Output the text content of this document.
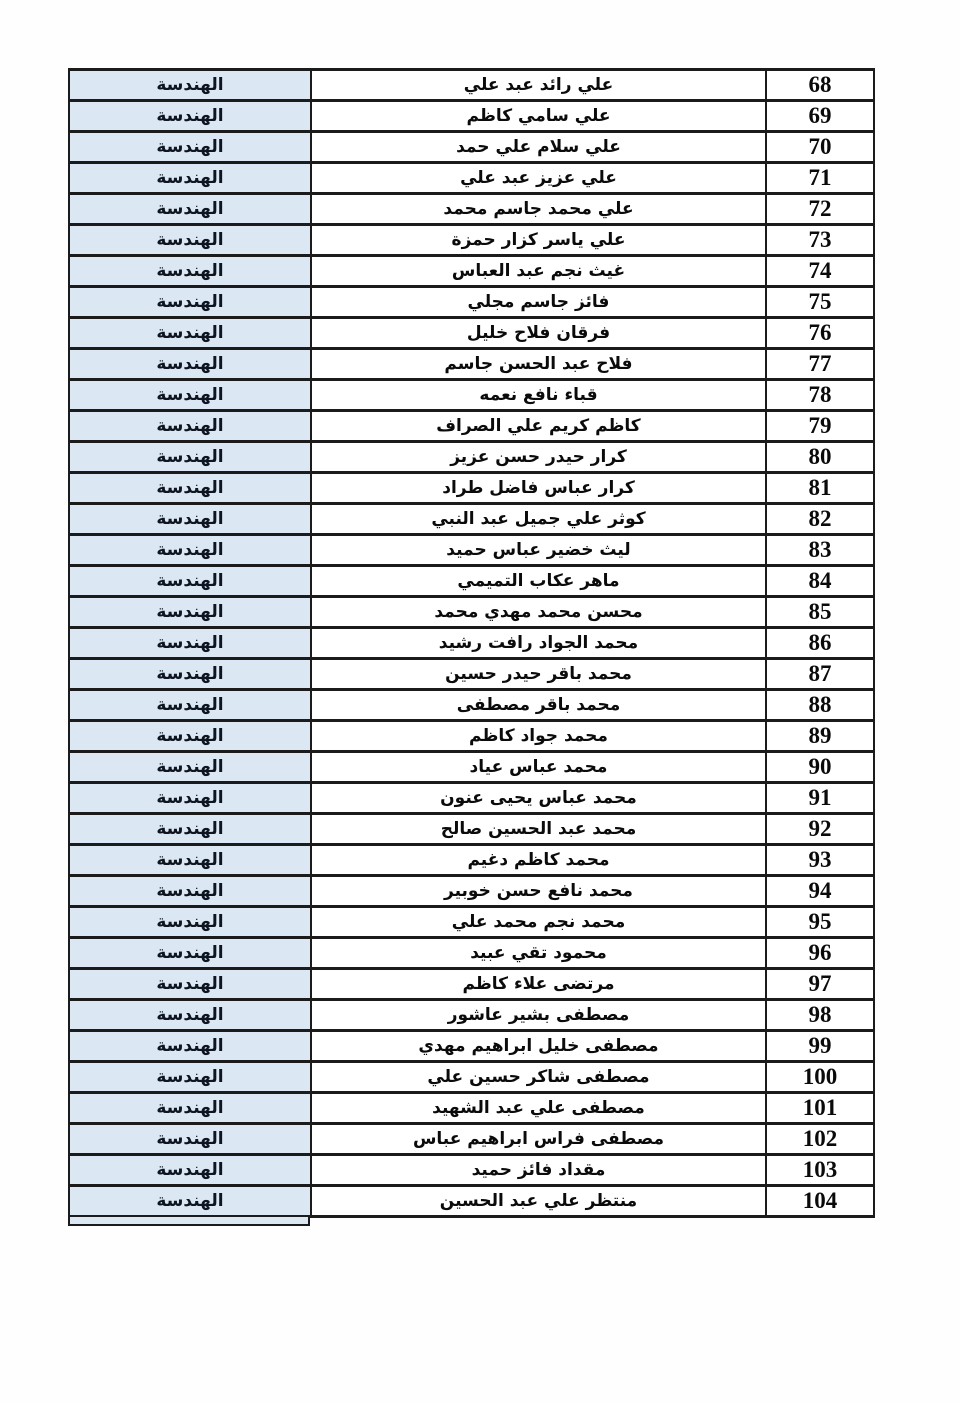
68	علي رائد عبد علي	الهندسة
69	علي سامي كاظم	الهندسة
70	علي سلام علي حمد	الهندسة
71	علي عزيز عبد علي	الهندسة
72	علي محمد جاسم محمد	الهندسة
73	علي ياسر كزار حمزة	الهندسة
74	غيث نجم عبد العباس	الهندسة
75	فائز جاسم مجلي	الهندسة
76	فرقان فلاح خليل	الهندسة
77	فلاح عبد الحسن جاسم	الهندسة
78	قباء نافع نعمه	الهندسة
79	كاظم كريم علي الصراف	الهندسة
80	كرار حيدر حسن عزيز	الهندسة
81	كرار عباس فاضل طراد	الهندسة
82	كوثر علي جميل عبد النبي	الهندسة
83	ليث خضير عباس حميد	الهندسة
84	ماهر عكاب التميمي	الهندسة
85	محسن محمد مهدي محمد	الهندسة
86	محمد الجواد رافت رشيد	الهندسة
87	محمد باقر حيدر حسين	الهندسة
88	محمد باقر مصطفى	الهندسة
89	محمد جواد كاظم	الهندسة
90	محمد عباس عياد	الهندسة
91	محمد عباس يحيى عنون	الهندسة
92	محمد عبد الحسين صالح	الهندسة
93	محمد كاظم دغيم	الهندسة
94	محمد نافع حسن خوبير	الهندسة
95	محمد نجم محمد علي	الهندسة
96	محمود تقي عبيد	الهندسة
97	مرتضى علاء كاظم	الهندسة
98	مصطفى بشير عاشور	الهندسة
99	مصطفى خليل ابراهيم مهدي	الهندسة
100	مصطفى شاكر حسين علي	الهندسة
101	مصطفى علي عبد الشهيد	الهندسة
102	مصطفى فراس ابراهيم عباس	الهندسة
103	مقداد فائز حميد	الهندسة
104	منتظر علي عبد الحسين	الهندسة
